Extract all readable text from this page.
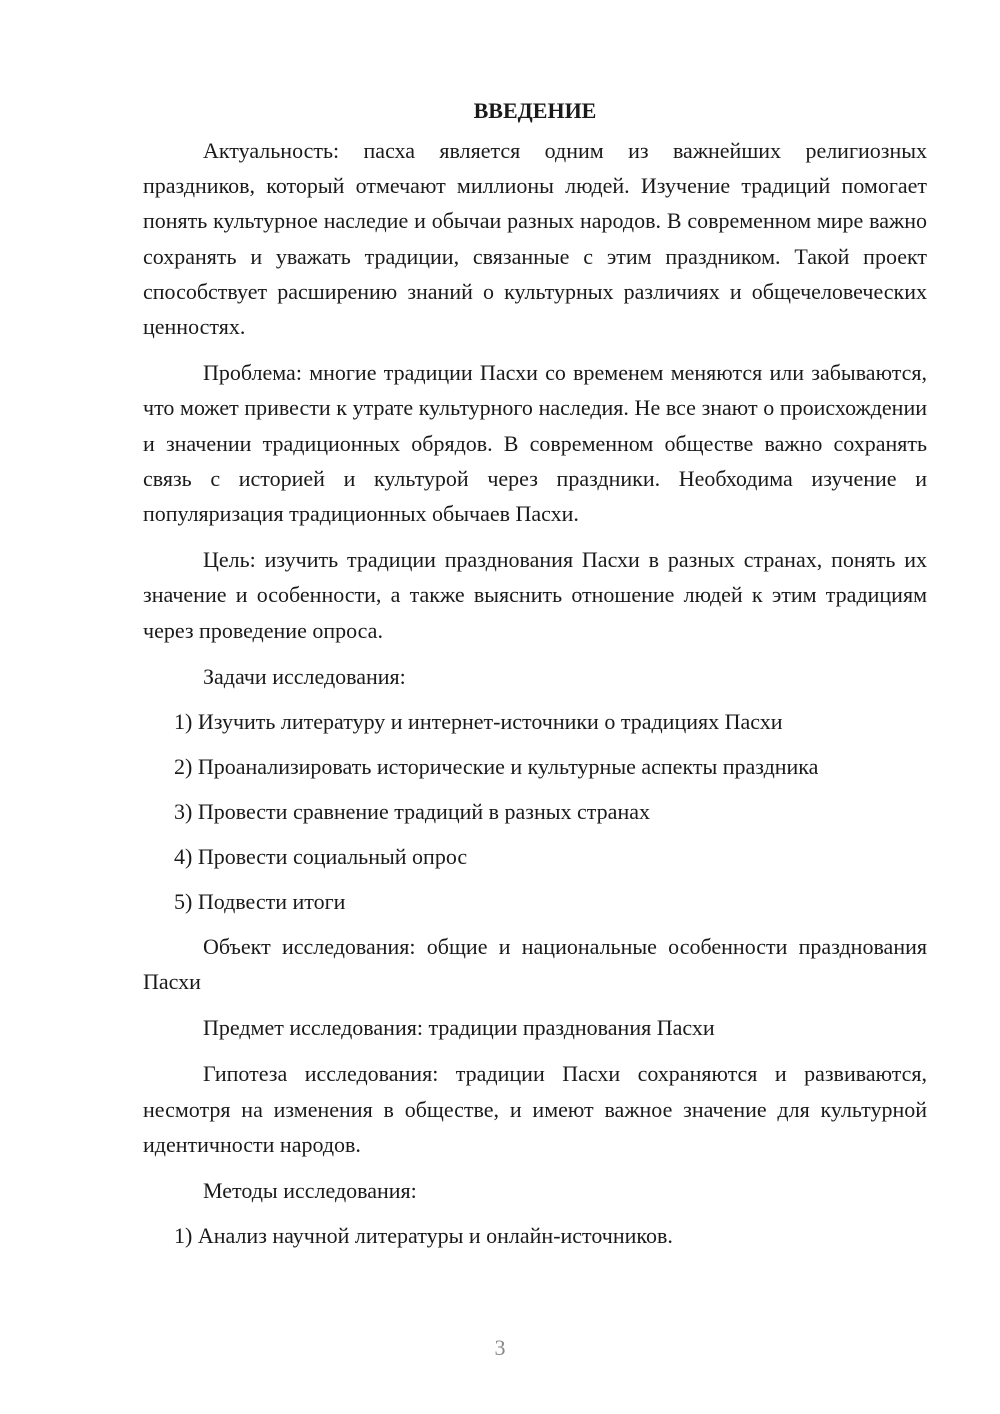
ВВЕДЕНИЕ

Актуальность: пасха является одним из важнейших религиозных праздников, который отмечают миллионы людей. Изучение традиций помогает понять культурное наследие и обычаи разных народов. В современном мире важно сохранять и уважать традиции, связанные с этим праздником. Такой проект способствует расширению знаний о культурных различиях и общечеловеческих ценностях.

Проблема: многие традиции Пасхи со временем меняются или забываются, что может привести к утрате культурного наследия. Не все знают о происхождении и значении традиционных обрядов. В современном обществе важно сохранять связь с историей и культурой через праздники. Необходима изучение и популяризация традиционных обычаев Пасхи.

Цель: изучить традиции празднования Пасхи в разных странах, понять их значение и особенности, а также выяснить отношение людей к этим традициям через проведение опроса.

Задачи исследования:

1) Изучить литературу и интернет-источники о традициях Пасхи

2) Проанализировать исторические и культурные аспекты праздника

3) Провести сравнение традиций в разных странах

4) Провести социальный опрос

5) Подвести итоги

Объект исследования: общие и национальные особенности празднования Пасхи

Предмет исследования: традиции празднования Пасхи

Гипотеза исследования: традиции Пасхи сохраняются и развиваются, несмотря на изменения в обществе, и имеют важное значение для культурной идентичности народов.

Методы исследования:

1) Анализ научной литературы и онлайн-источников.

3
